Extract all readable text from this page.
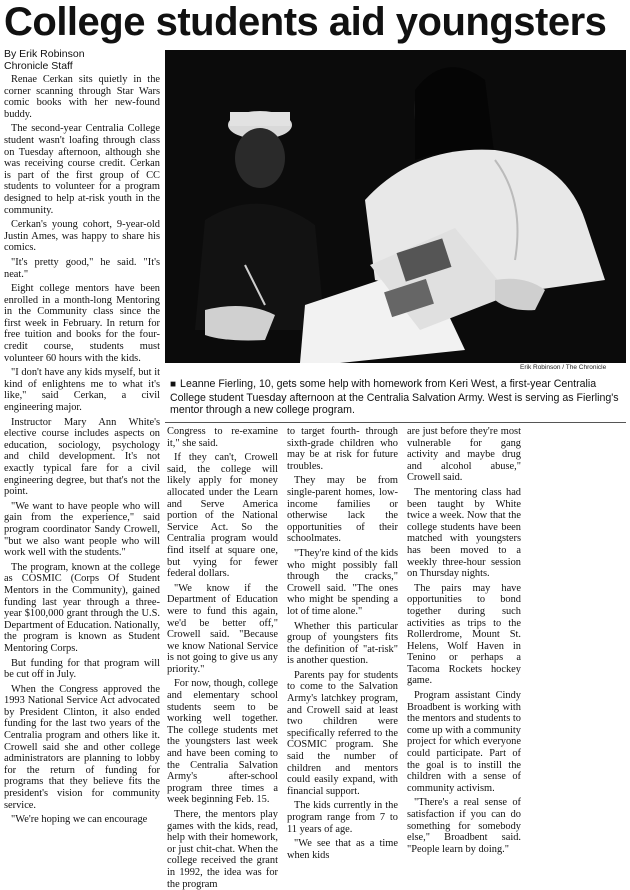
College students aid youngsters
By Erik Robinson
Chronicle Staff

Renae Cerkan sits quietly in the corner scanning through Star Wars comic books with her new-found buddy.

The second-year Centralia College student wasn't loafing through class on Tuesday afternoon, although she was receiving course credit. Cerkan is part of the first group of CC students to volunteer for a program designed to help at-risk youth in the community.

Cerkan's young cohort, 9-year-old Justin Ames, was happy to share his comics.

"It's pretty good," he said. "It's neat."

Eight college mentors have been enrolled in a month-long Mentoring in the Community class since the first week in February. In return for free tuition and books for the four-credit course, students must volunteer 60 hours with the kids.

"I don't have any kids myself, but it kind of enlightens me to what it's like," said Cerkan, a civil engineering major.

Instructor Mary Ann White's elective course includes aspects on education, sociology, psychology and child development. It's not exactly typical fare for a civil engineering degree, but that's not the point.

"We want to have people who will gain from the experience," said program coordinator Sandy Crowell, "but we also want people who will work well with the students."

The program, known at the college as COSMIC (Corps Of Student Mentors in the Community), gained funding last year through a three-year $100,000 grant through the U.S. Department of Education. Nationally, the program is known as Student Mentoring Corps.

But funding for that program will be cut off in July.

When the Congress approved the 1993 National Service Act advocated by President Clinton, it also ended funding for the last two years of the Centralia program and others like it. Crowell said she and other college administrators are planning to lobby for the return of funding for programs that they believe fits the president's vision for community service.

"We're hoping we can encourage

Erik Robinson / The Chronicle
■ Leanne Fierling, 10, gets some help with homework from Keri West, a first-year Centralia College student Tuesday afternoon at the Centralia Salvation Army. West is serving as Fierling's mentor through a new college program.

Congress to re-examine it," she said.

If they can't, Crowell said, the college will likely apply for money allocated under the Learn and Serve America portion of the National Service Act. So the Centralia program would find itself at square one, but vying for fewer federal dollars.

"We know if the Department of Education were to fund this again, we'd be better off," Crowell said. "Because we know National Service is not going to give us any priority."

For now, though, college and elementary school students seem to be working well together. The college students met the youngsters last week and have been coming to the Centralia Salvation Army's after-school program three times a week beginning Feb. 15.

There, the mentors play games with the kids, read, help with their homework, or just chit-chat. When the college received the grant in 1992, the idea was for the program

to target fourth- through sixth-grade children who may be at risk for future troubles.

They may be from single-parent homes, low-income families or otherwise lack the opportunities of their schoolmates.

"They're kind of the kids who might possibly fall through the cracks," Crowell said. "The ones who might be spending a lot of time alone."

Whether this particular group of youngsters fits the definition of "at-risk" is another question.

Parents pay for students to come to the Salvation Army's latchkey program, and Crowell said at least two children were specifically referred to the COSMIC program. She said the number of children and mentors could easily expand, with financial support.

The kids currently in the program range from 7 to 11 years of age.

"We see that as a time when kids

are just before they're most vulnerable for gang activity and maybe drug and alcohol abuse," Crowell said.

The mentoring class had been taught by White twice a week. Now that the college students have been matched with youngsters has been moved to a weekly three-hour session on Thursday nights.

The pairs may have opportunities to bond together during such activities as trips to the Rollerdrome, Mount St. Helens, Wolf Haven in Tenino or perhaps a Tacoma Rockets hockey game.

Program assistant Cindy Broadbent is working with the mentors and students to come up with a community project for which everyone could participate. Part of the goal is to instill the children with a sense of community activism.

"There's a real sense of satisfaction if you can do something for somebody else," Broadbent said. "People learn by doing."
